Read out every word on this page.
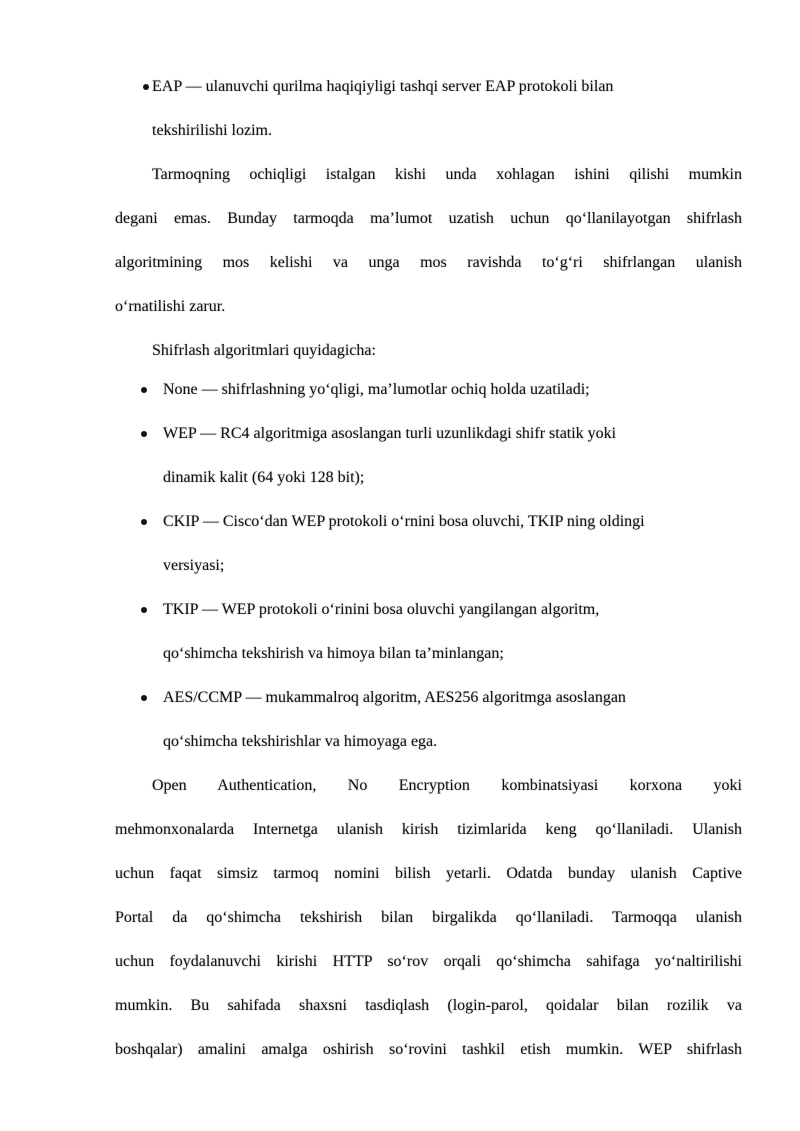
EAP — ulanuvchi qurilma haqiqiyligi tashqi server EAP protokoli bilan
tekshirilishi lozim.
Tarmoqning ochiqligi istalgan kishi unda xohlagan ishini qilishi mumkin
degani emas. Bunday tarmoqda ma’lumot uzatish uchun qo‘llanilayotgan shifrlash
algoritmining mos kelishi va unga mos ravishda to‘g‘ri shifrlangan ulanish
o‘rnatilishi zarur.
Shifrlash algoritmlari quyidagicha:
None — shifrlashning yo‘qligi, ma’lumotlar ochiq holda uzatiladi;
WEP — RC4 algoritmiga asoslangan turli uzunlikdagi shifr statik yoki
dinamik kalit (64 yoki 128 bit);
CKIP — Cisco‘dan WEP protokoli o‘rnini bosa oluvchi, TKIP ning oldingi
versiyasi;
TKIP — WEP protokoli o‘rinini bosa oluvchi yangilangan algoritm,
qo‘shimcha tekshirish va himoya bilan ta’minlangan;
AES/CCMP — mukammalroq algoritm, AES256 algoritmga asoslangan
qo‘shimcha tekshirishlar va himoyaga ega.
Open Authentication, No Encryption kombinatsiyasi korxona yoki
mehmonxonalarda Internetga ulanish kirish tizimlarida keng qo‘llaniladi. Ulanish
uchun faqat simsiz tarmoq nomini bilish yetarli. Odatda bunday ulanish Captive
Portal da qo‘shimcha tekshirish bilan birgalikda qo‘llaniladi. Tarmoqqa ulanish
uchun foydalanuvchi kirishi HTTP so‘rov orqali qo‘shimcha sahifaga yo‘naltirilishi
mumkin. Bu sahifada shaxsni tasdiqlash (login-parol, qoidalar bilan rozilik va
boshqalar) amalini amalga oshirish so‘rovini tashkil etish mumkin. WEP shifrlash
